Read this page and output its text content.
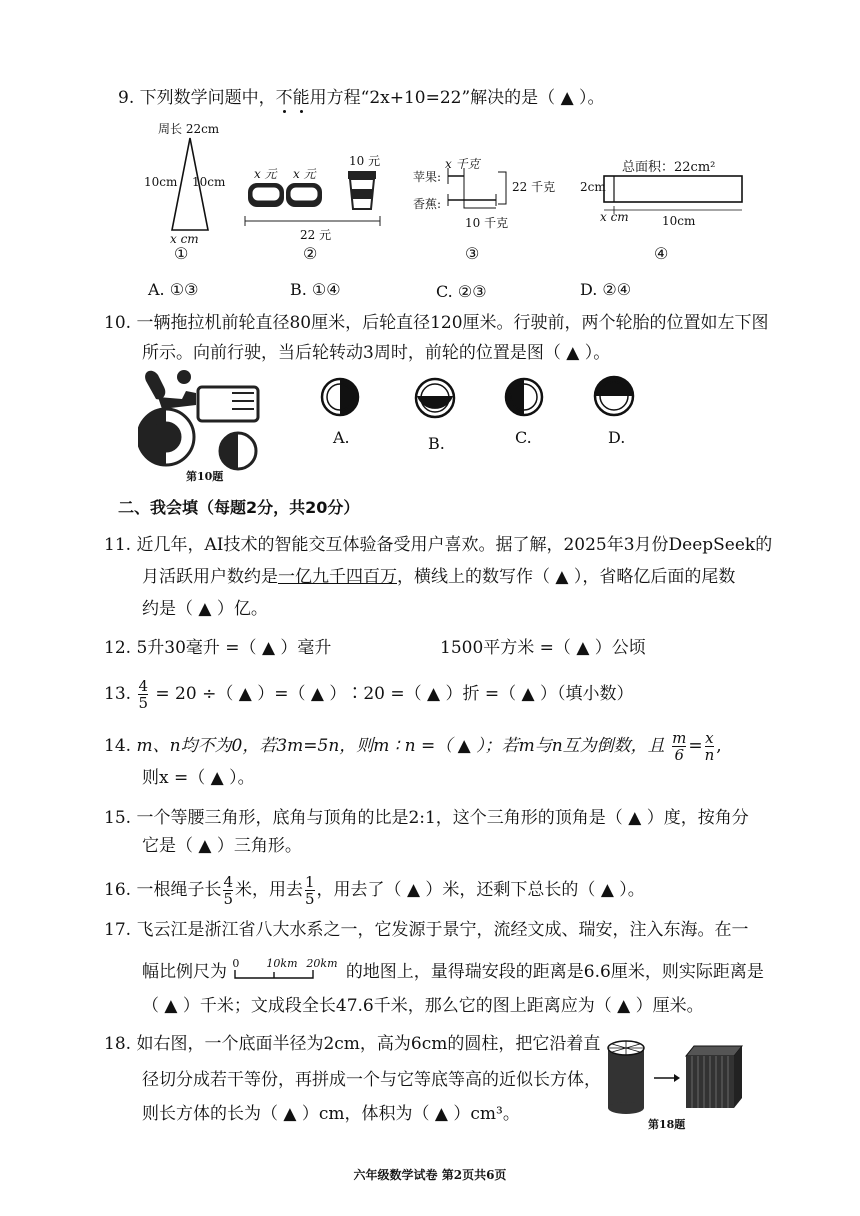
9. 下列数学问题中，不能用方程“2x+10=22”解决的是（ ▲ ）。
周长 22cm
10cm 10cm
x cm
①
x 元 x 元
10 元
22 元
②
x 千克
苹果:
香蕉:
22 千克
10 千克
③
总面积：22cm²
2cm
x cm	10cm
④
A. ①③	B. ①④	C. ②③	D. ②④
10. 一辆拖拉机前轮直径80厘米，后轮直径120厘米。行驶前，两个轮胎的位置如左下图
所示。向前行驶，当后轮转动3周时，前轮的位置是图（ ▲ ）。
第10题
A.	B.	C.	D.
二、我会填（每题2分，共20分）
11. 近几年，AI技术的智能交互体验备受用户喜欢。据了解，2025年3月份DeepSeek的
月活跃用户数约是一亿九千四百万，横线上的数写作（ ▲ ），省略亿后面的尾数
约是（ ▲ ）亿。
12. 5升30毫升 =（ ▲ ）毫升	1500平方米 =（ ▲ ）公顷
13. $\frac{4}{5} = 20$ ÷（ ▲ ）=（ ▲ ）∶20 =（ ▲ ）折 =（ ▲ ）（填小数）
14. m、n均不为0，若3m=5n，则m ∶ n =（ ▲ ）；若m与n互为倒数，且 $\frac{m}{6} = \frac{x}{n}$ ,
则x =（ ▲ ）。
15. 一个等腰三角形，底角与顶角的比是2:1，这个三角形的顶角是（ ▲ ）度，按角分
它是（ ▲ ）三角形。
16. 一根绳子长 $\frac{4}{5}$ 米，用去 $\frac{1}{5}$ ，用去了（ ▲ ）米，还剩下总长的（ ▲ ）。
17. 飞云江是浙江省八大水系之一，它发源于景宁，流经文成、瑞安，注入东海。在一
幅比例尺为 0 10km 20km 的地图上，量得瑞安段的距离是6.6厘米，则实际距离是
（ ▲ ）千米；文成段全长47.6千米，那么它的图上距离应为（ ▲ ）厘米。
18. 如右图，一个底面半径为2cm，高为6cm的圆柱，把它沿着直
径切分成若干等份，再拼成一个与它等底等高的近似长方体，
则长方体的长为（ ▲ ）cm，体积为（ ▲ ）cm³。
第18题
六年级数学试卷 第2页共6页
